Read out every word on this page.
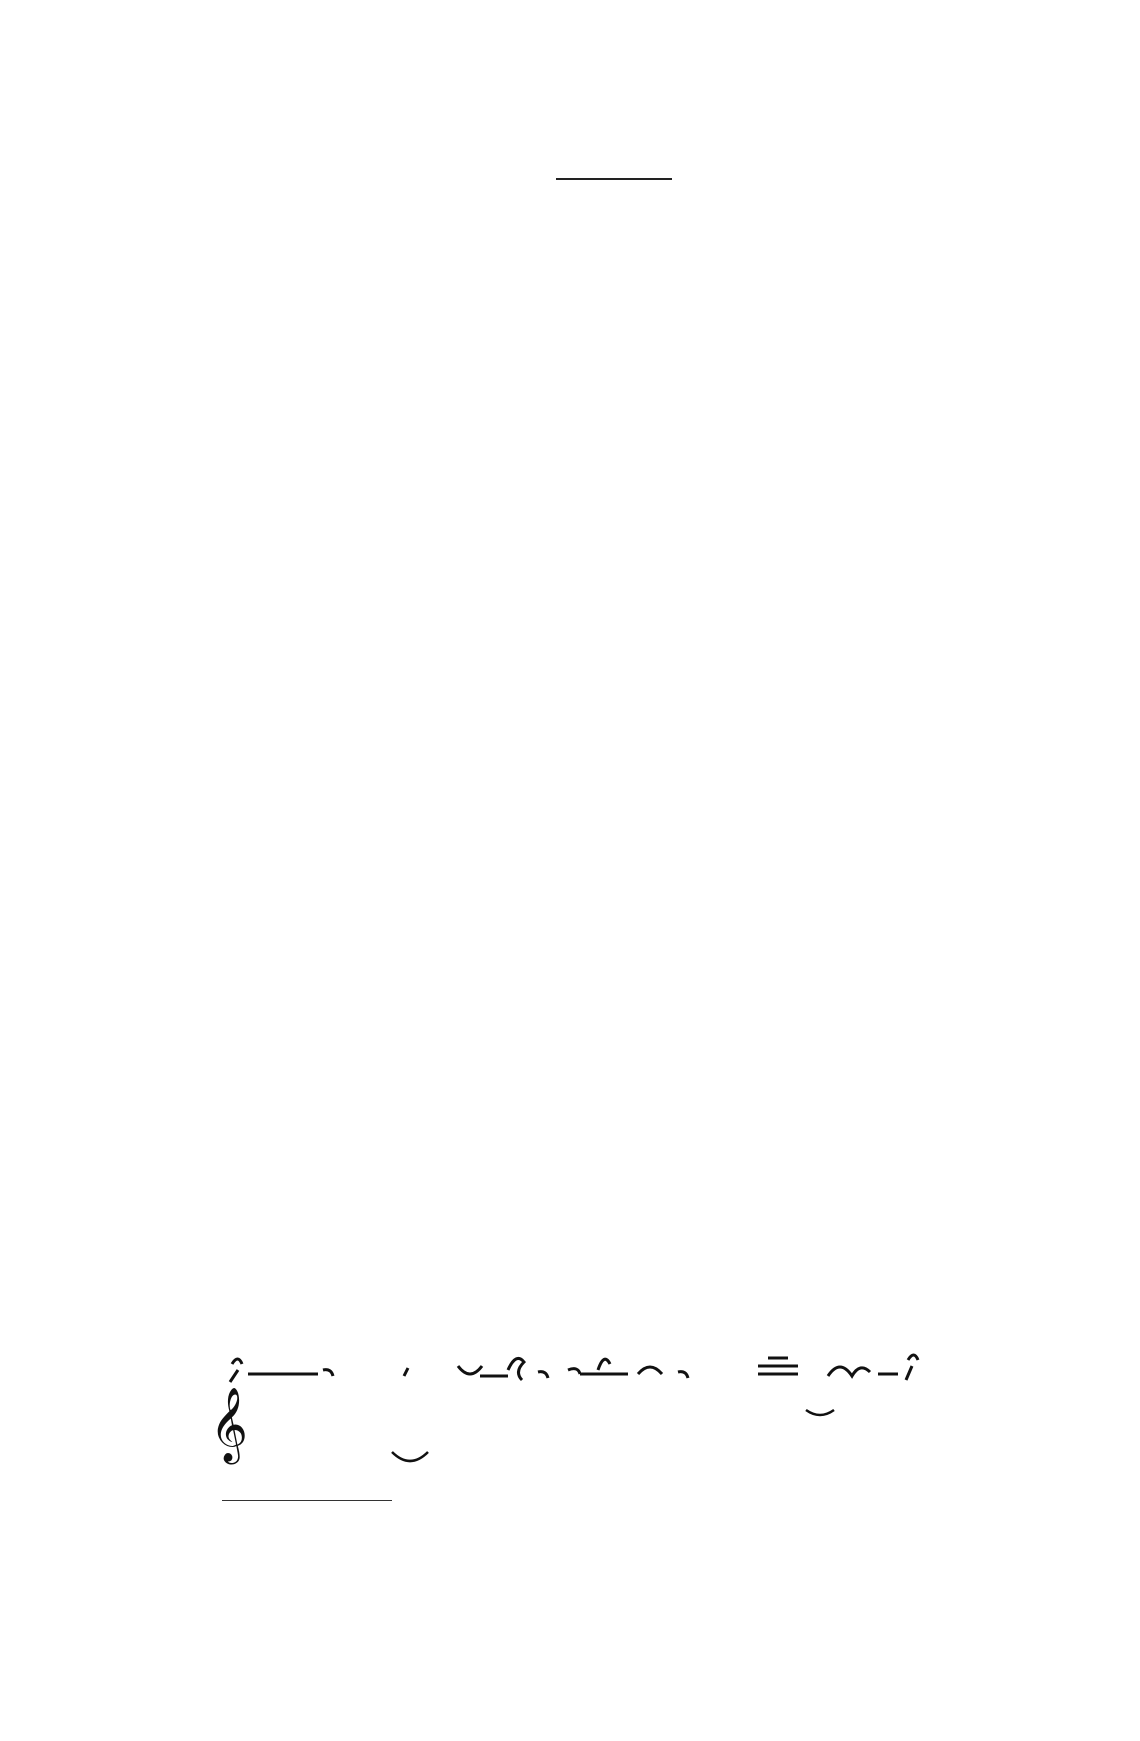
𝄞
